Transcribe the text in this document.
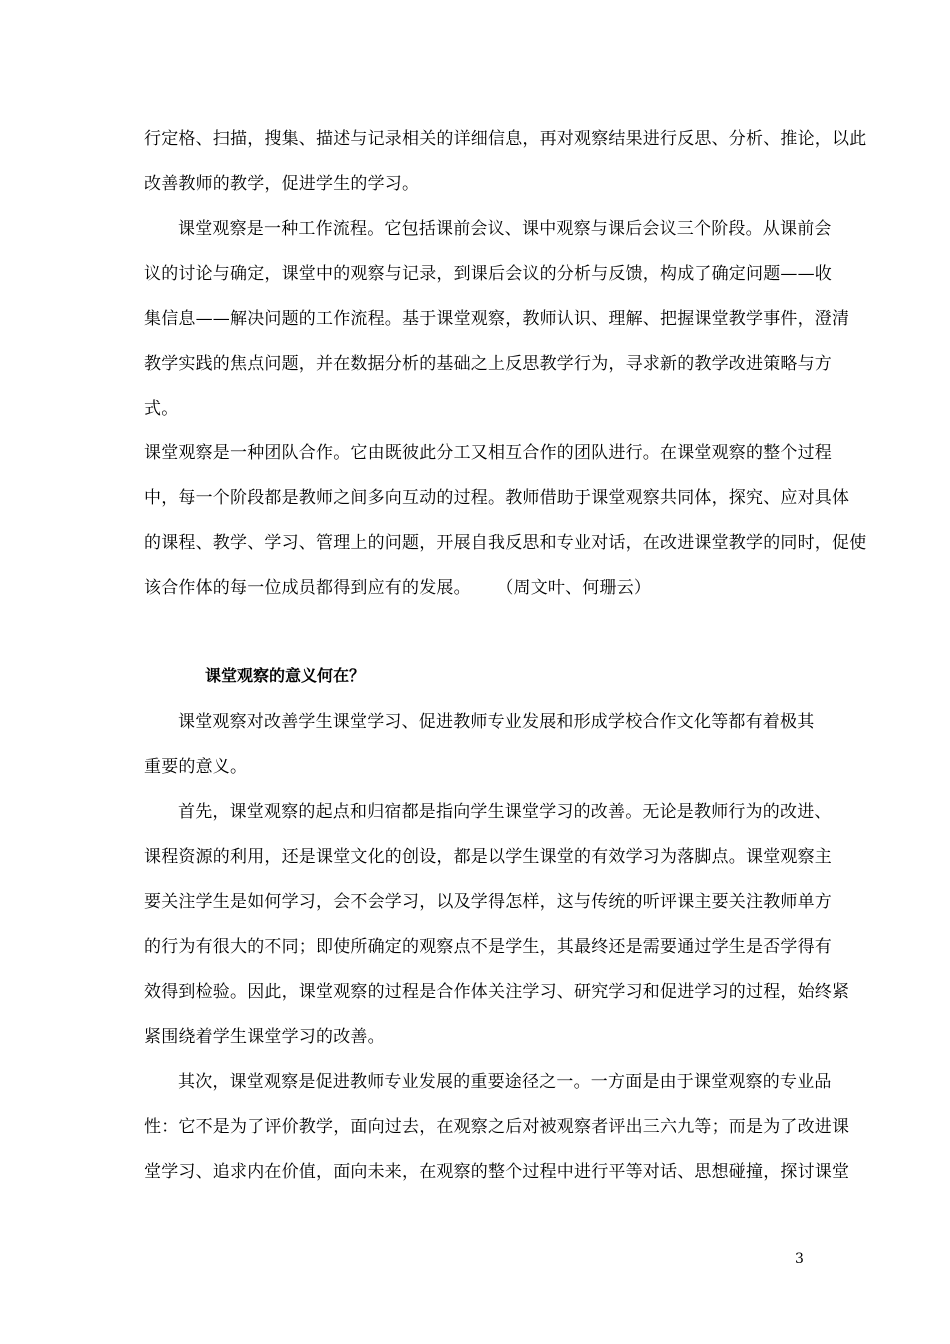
行定格、扫描，搜集、描述与记录相关的详细信息，再对观察结果进行反思、分析、推论，以此
改善教师的教学，促进学生的学习。
课堂观察是一种工作流程。它包括课前会议、课中观察与课后会议三个阶段。从课前会
议的讨论与确定，课堂中的观察与记录，到课后会议的分析与反馈，构成了确定问题——收
集信息——解决问题的工作流程。基于课堂观察，教师认识、理解、把握课堂教学事件，澄清
教学实践的焦点问题，并在数据分析的基础之上反思教学行为，寻求新的教学改进策略与方
式。
课堂观察是一种团队合作。它由既彼此分工又相互合作的团队进行。在课堂观察的整个过程
中，每一个阶段都是教师之间多向互动的过程。教师借助于课堂观察共同体，探究、应对具体
的课程、教学、学习、管理上的问题，开展自我反思和专业对话，在改进课堂教学的同时，促使
该合作体的每一位成员都得到应有的发展。 （周文叶、何珊云）
课堂观察的意义何在？
课堂观察对改善学生课堂学习、促进教师专业发展和形成学校合作文化等都有着极其
重要的意义。
首先，课堂观察的起点和归宿都是指向学生课堂学习的改善。无论是教师行为的改进、
课程资源的利用，还是课堂文化的创设，都是以学生课堂的有效学习为落脚点。课堂观察主
要关注学生是如何学习，会不会学习，以及学得怎样，这与传统的听评课主要关注教师单方
的行为有很大的不同；即使所确定的观察点不是学生，其最终还是需要通过学生是否学得有
效得到检验。因此，课堂观察的过程是合作体关注学习、研究学习和促进学习的过程，始终紧
紧围绕着学生课堂学习的改善。
其次，课堂观察是促进教师专业发展的重要途径之一。一方面是由于课堂观察的专业品
性：它不是为了评价教学，面向过去，在观察之后对被观察者评出三六九等；而是为了改进课
堂学习、追求内在价值，面向未来，在观察的整个过程中进行平等对话、思想碰撞，探讨课堂
3
